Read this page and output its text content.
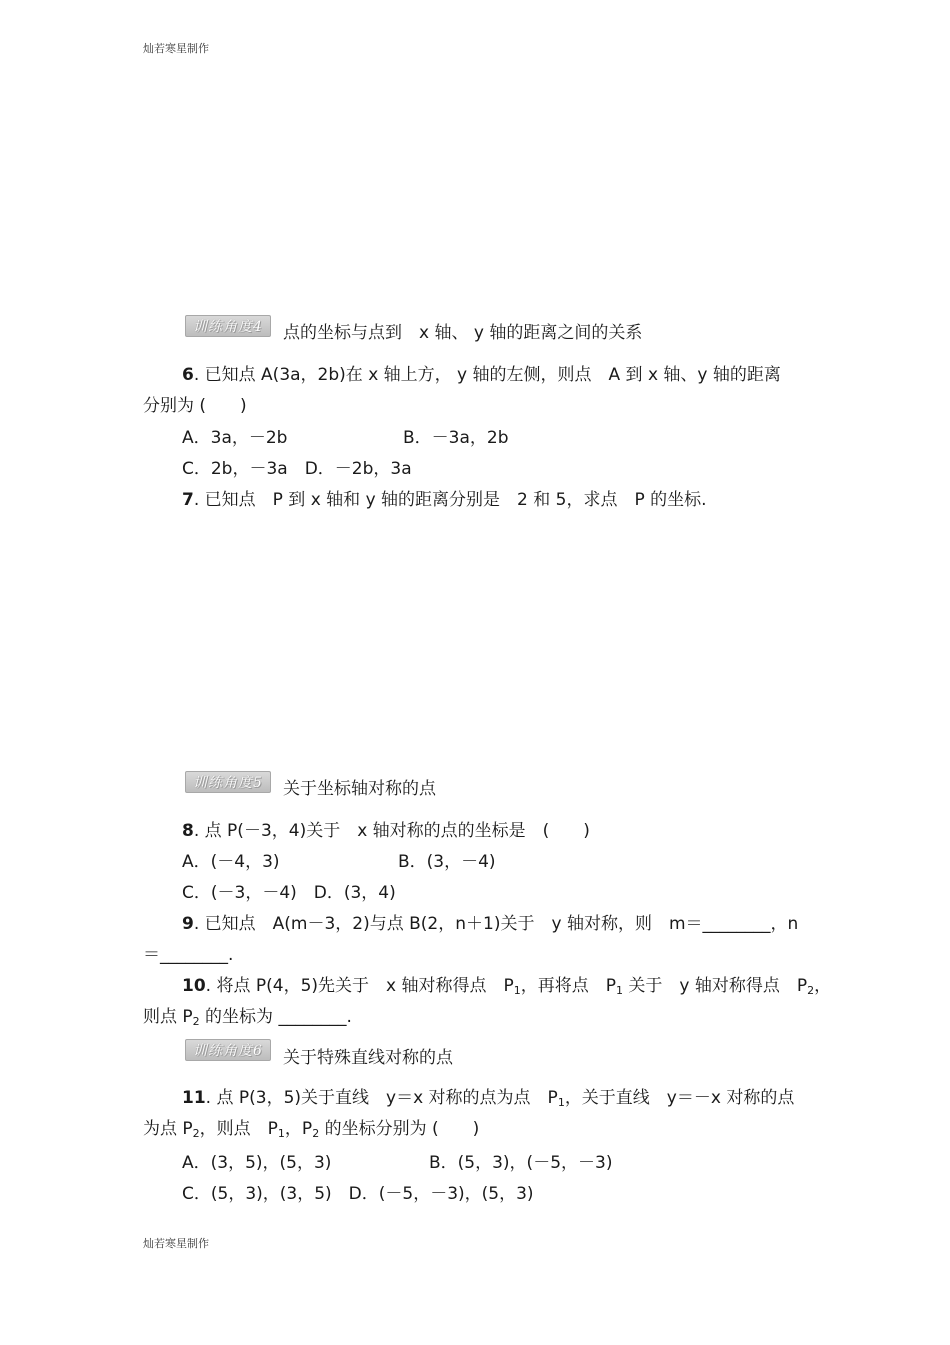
灿若寒星制作
训练角度4	点的坐标与点到　x 轴、 y 轴的距离之间的关系
6. 已知点 A(3a，2b)在 x 轴上方， y 轴的左侧，则点　A 到 x 轴、y 轴的距离
分别为 (　　)
A．3a，－2b	B．－3a，2b
C．2b，－3a　D．－2b，3a
7. 已知点　P 到 x 轴和 y 轴的距离分别是　2 和 5，求点　P 的坐标.
训练角度5	关于坐标轴对称的点
8. 点 P(－3，4)关于　x 轴对称的点的坐标是　(　　)
A．(－4，3)	B．(3，－4)
C．(－3，－4)　D．(3，4)
9. 已知点　A(m－3，2)与点 B(2，n＋1)关于　y 轴对称，则　m＝________，n
＝________.
10. 将点 P(4，5)先关于　x 轴对称得点　$P_1$，再将点　$P_1$ 关于　y 轴对称得点　$P_2$，
则点 $P_2$ 的坐标为 ________.
训练角度6	关于特殊直线对称的点
11. 点 P(3，5)关于直线　y＝x 对称的点为点　$P_1$，关于直线　y＝－x 对称的点
为点 $P_2$，则点　$P_1$，$P_2$ 的坐标分别为 (　　)
A．(3，5)，(5，3)	B．(5，3)，(－5，－3)
C．(5，3)，(3，5)　D．(－5，－3)，(5，3)
灿若寒星制作
